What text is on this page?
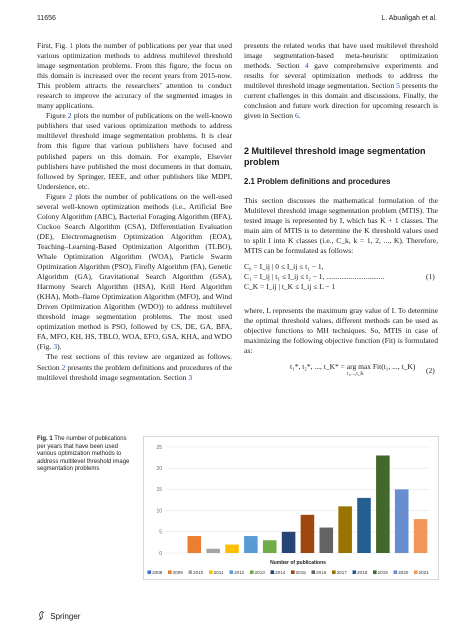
11656	L. Abualigah et al.

First, Fig. 1 plots the number of publications per year that used various optimization methods to address multilevel threshold image segmentation problems. From this figure, the focus on this domain is increased over the recent years from 2015-now. This problem attracts the researchers’ attention to conduct research to improve the accuracy of the segmented images in many applications.

Figure 2 plots the number of publications on the well-known publishers that used various optimization methods to address multilevel threshold image segmentation problems. It is clear from this figure that various publishers have focused and published papers on this domain. For example, Elsevier publishers have published the most documents in that domain, followed by Springer, IEEE, and other publishers like MDPI, Undersience, etc.

Figure 2 plots the number of publications on the well-used several well-known optimization methods (i.e., Artificial Bee Colony Algorithm (ABC), Bacterial Foraging Algorithm (BFA), Cuckoo Search Algorithm (CSA), Differentiation Evaluation (DE), Electromagnetism Optimization Algorithm (EOA), Teaching–Learning-Based Optimization Algorithm (TLBO), Whale Optimization Algorithm (WOA), Particle Swarm Optimization Algorithm (PSO), Firefly Algorithm (FA), Genetic Algorithm (GA), Gravitational Search Algorithm (GSA), Harmony Search Algorithm (HSA), Krill Herd Algorithm (KHA), Moth–flame Optimization Algorithm (MFO), and Wind Driven Optimization Algorithm (WDO)) to address multilevel threshold image segmentation problems. The most used optimization method is PSO, followed by CS, DE, GA, BFA, FA, MFO, KH, HS, TBLO, WOA, EFO, GSA, KHA, and WDO (Fig. 3).

The rest sections of this review are organized as follows. Section 2 presents the problem definitions and procedures of the multilevel threshold image segmentation. Section 3

presents the related works that have used multilevel threshold image segmentation-based meta-heuristic optimization methods. Section 4 gave comprehensive experiments and results for several optimization methods to address the multilevel threshold image segmentation. Section 5 presents the current challenges in this domain and discussions. Finally, the conclusion and future work direction for upcoming research is given in Section 6.

2 Multilevel threshold image segmentation
problem
2.1 Problem definitions and procedures

This section discusses the mathematical formulation of the Multilevel threshold image segmentation problem (MTIS). The tested image is represented by I, which has K + 1 classes. The main aim of MTIS is to determine the K threshold values used to split I into K classes (i.e., C_k, k = 1, 2, ..., K). Therefore, MTIS can be formulated as follows:

C₀ = I_ij | 0 ≤ I_ij ≤ t₁ − 1,
C₁ = I_ij | t₁ ≤ I_ij ≤ t₂ − 1, ...............................
C_K = I_ij | t_K ≤ I_ij ≤ L − 1
(1)

where, L represents the maximum gray value of I. To determine the optimal threshold values, different methods can be used as objective functions to MH techniques. So, MTIS in case of maximizing the following objective function (Fit) is formulated as:

t₁*, t₂*, ..., t_K* = arg max Fit(t₁, ..., t_K)
t₁,...,t_K	(2)
Fig. 1 The number of publications per years that have been used various optimization methods to address multilevel threshold image segmentation problems
0
5
10
15
20
25
Number of publications
2008 2009 2010 2011 2012 2013 2014 2015 2016 2017 2018 2019 2020 2021
Springer
